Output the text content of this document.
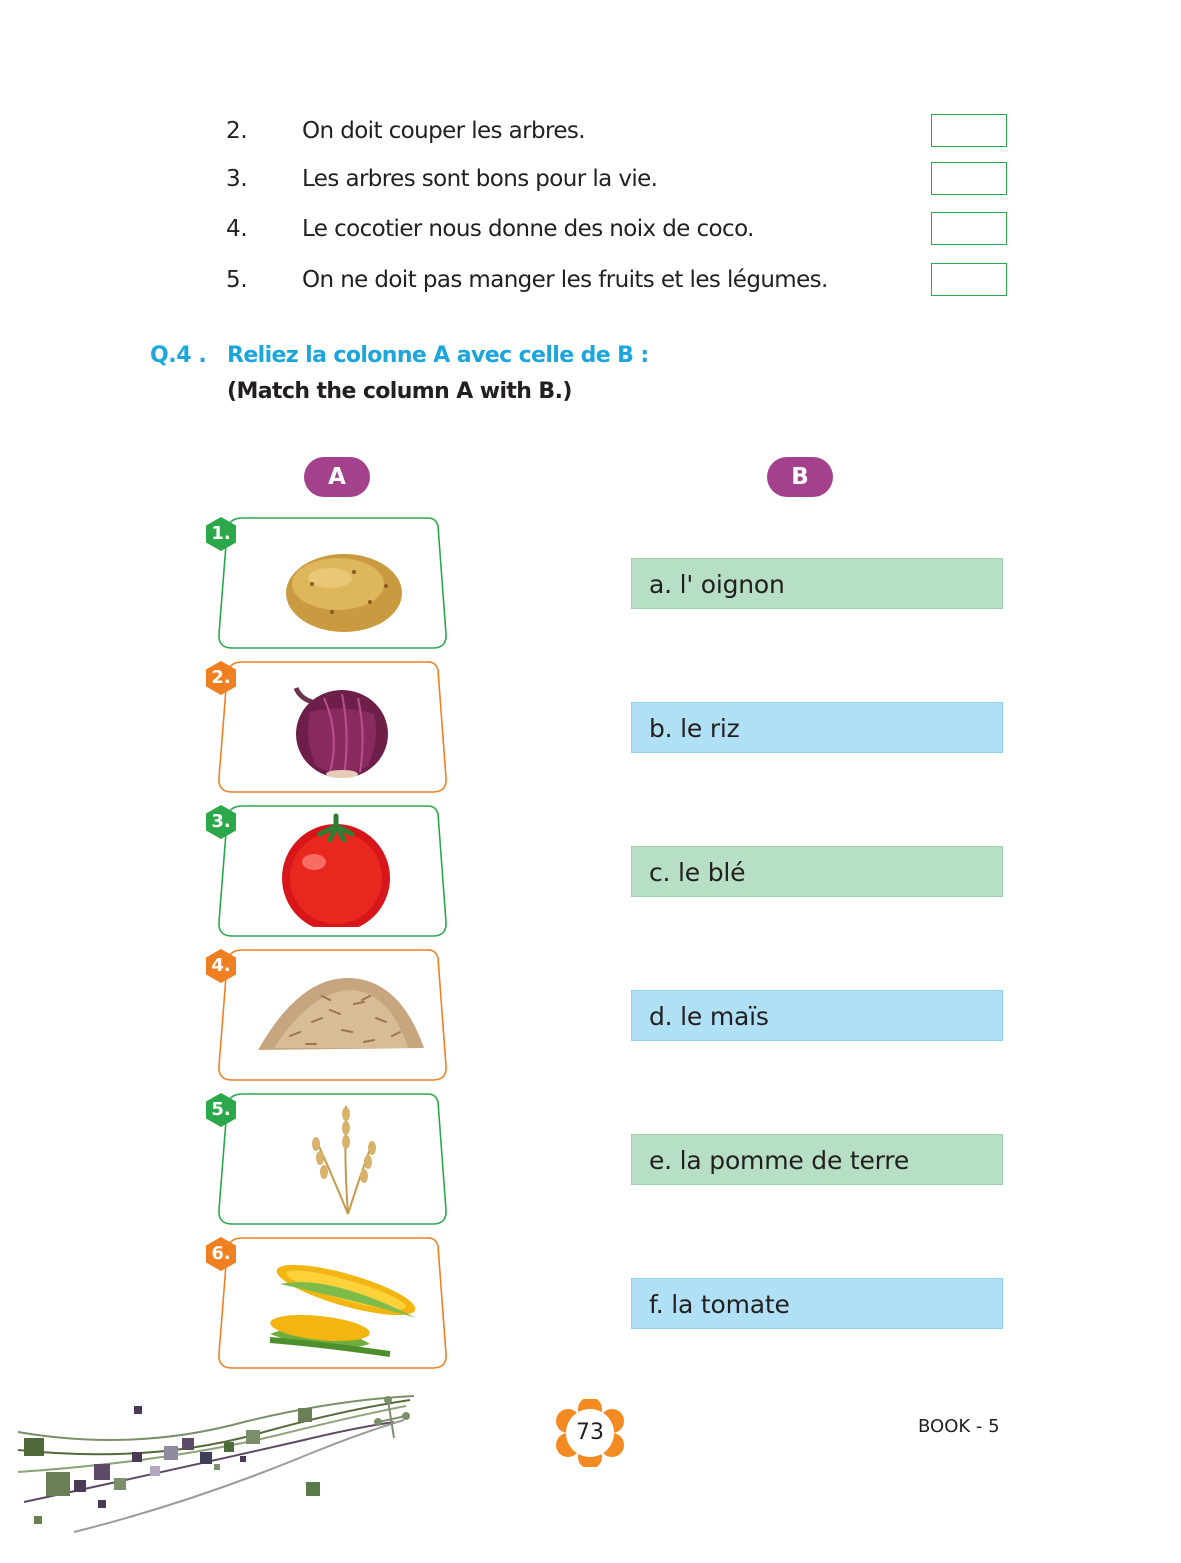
2. On doit couper les arbres.
3. Les arbres sont bons pour la vie.
4. Le cocotier nous donne des noix de coco.
5. On ne doit pas manger les fruits et les légumes.
Q.4 . Reliez la colonne A avec celle de B :
(Match the column A with B.)
A	B
1.
2.
3.
4.
5.
6.
a. l' oignon
b. le riz
c. le blé
d. le maïs
e. la pomme de terre
f. la tomate
73	BOOK - 5
